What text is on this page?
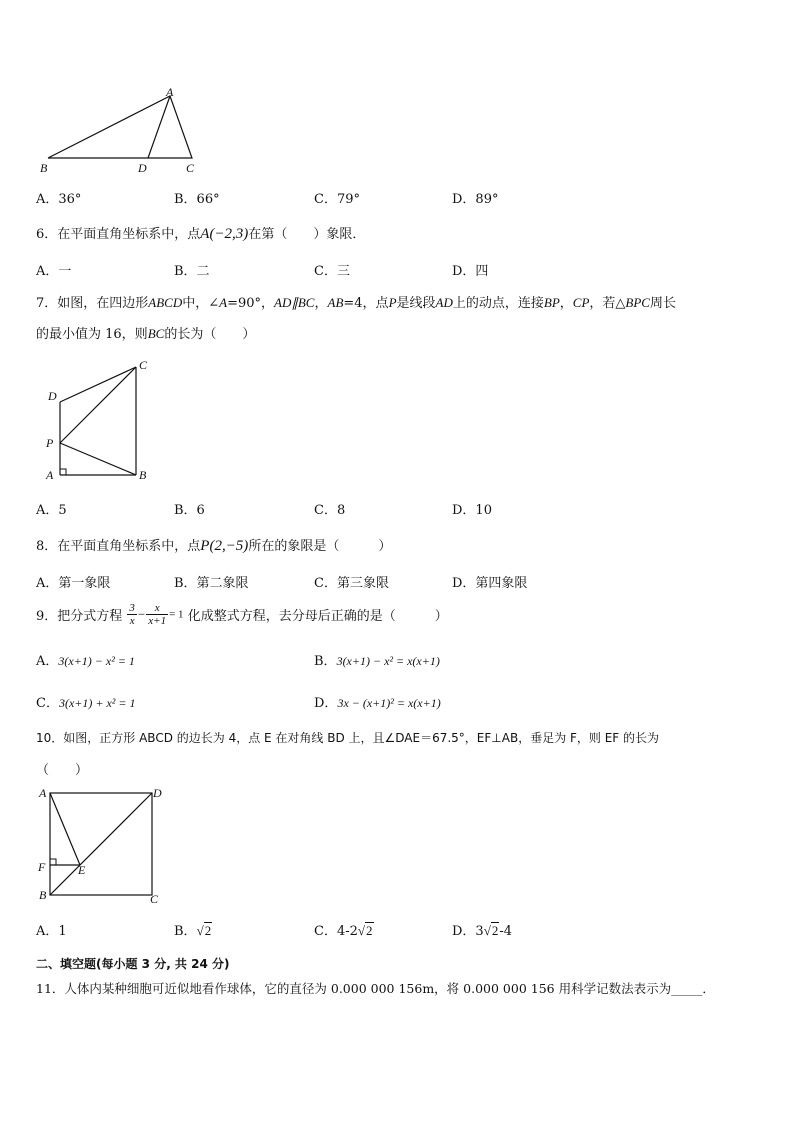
A
B	D	C
A．36°	B．66°	C．79°	D．89°
6．在平面直角坐标系中，点A(−2,3)在第（　　）象限．
A．一	B．二	C．三	D．四
7．如图，在四边形ABCD中，∠A=90°，AD∥BC，AB=4，点P是线段AD上的动点，连接BP，CP，若△BPC周长
的最小值为 16，则BC的长为（　　）
C
D
P
A	B
A．5	B．6	C．8	D．10
8．在平面直角坐标系中，点P(2,−5)所在的象限是（　　　）
A．第一象限	B．第二象限	C．第三象限	D．第四象限
9．把分式方程 $\frac{3}{x} - \frac{x}{x+1} = 1$ 化成整式方程，去分母后正确的是（　　　）
A．3(x+1) − x² = 1	B．3(x+1) − x² = x(x+1)
C．3(x+1) + x² = 1	D．3x − (x+1)² = x(x+1)
10．如图，正方形 ABCD 的边长为 4，点 E 在对角线 BD 上，且∠DAE＝67.5°，EF⊥AB，垂足为 F，则 EF 的长为
（　　）
A	D
F	E
B	C
A．1	B．√2	C．4-2√2	D．3√2-4
二、填空题(每小题 3 分, 共 24 分)
11．人体内某种细胞可近似地看作球体，它的直径为 0.000 000 156m，将 0.000 000 156 用科学记数法表示为_____．
